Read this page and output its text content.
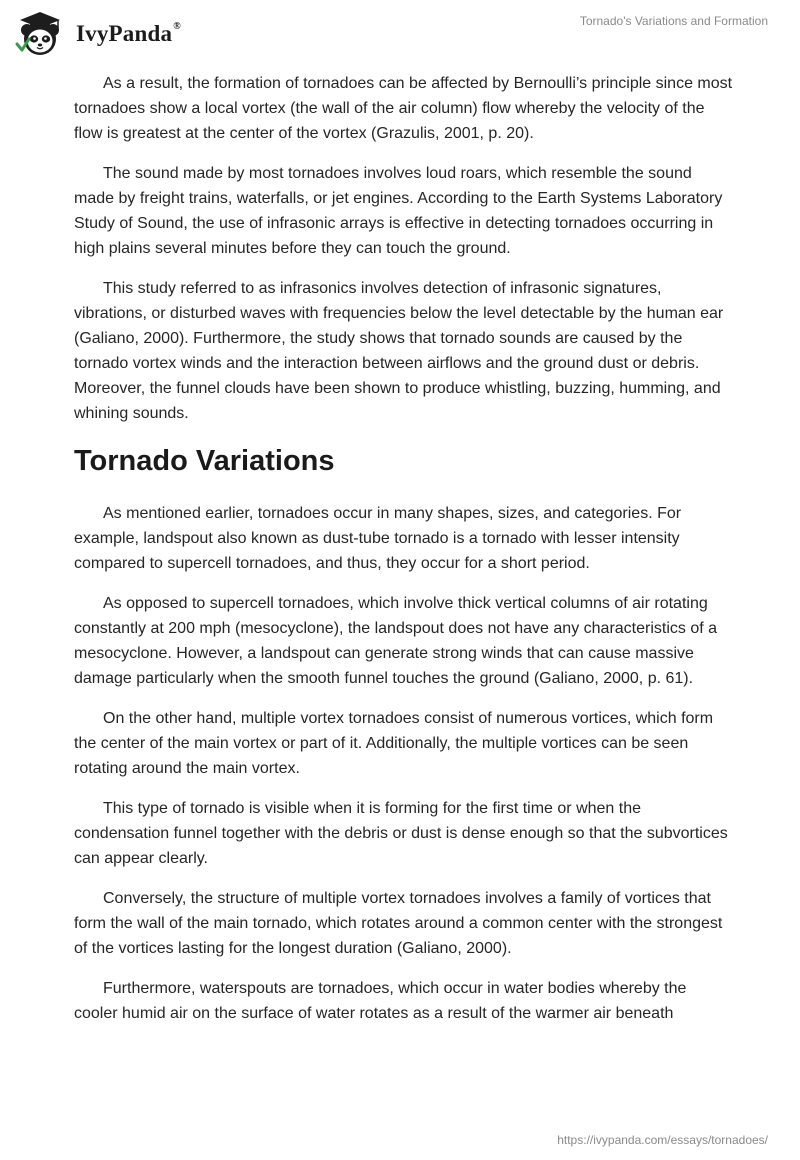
IvyPanda®	Tornado's Variations and Formation

As a result, the formation of tornadoes can be affected by Bernoulli’s principle since most tornadoes show a local vortex (the wall of the air column) flow whereby the velocity of the flow is greatest at the center of the vortex (Grazulis, 2001, p. 20).

The sound made by most tornadoes involves loud roars, which resemble the sound made by freight trains, waterfalls, or jet engines. According to the Earth Systems Laboratory Study of Sound, the use of infrasonic arrays is effective in detecting tornadoes occurring in high plains several minutes before they can touch the ground.

This study referred to as infrasonics involves detection of infrasonic signatures, vibrations, or disturbed waves with frequencies below the level detectable by the human ear (Galiano, 2000). Furthermore, the study shows that tornado sounds are caused by the tornado vortex winds and the interaction between airflows and the ground dust or debris. Moreover, the funnel clouds have been shown to produce whistling, buzzing, humming, and whining sounds.

Tornado Variations

As mentioned earlier, tornadoes occur in many shapes, sizes, and categories. For example, landspout also known as dust-tube tornado is a tornado with lesser intensity compared to supercell tornadoes, and thus, they occur for a short period.

As opposed to supercell tornadoes, which involve thick vertical columns of air rotating constantly at 200 mph (mesocyclone), the landspout does not have any characteristics of a mesocyclone. However, a landspout can generate strong winds that can cause massive damage particularly when the smooth funnel touches the ground (Galiano, 2000, p. 61).

On the other hand, multiple vortex tornadoes consist of numerous vortices, which form the center of the main vortex or part of it. Additionally, the multiple vortices can be seen rotating around the main vortex.

This type of tornado is visible when it is forming for the first time or when the condensation funnel together with the debris or dust is dense enough so that the subvortices can appear clearly.

Conversely, the structure of multiple vortex tornadoes involves a family of vortices that form the wall of the main tornado, which rotates around a common center with the strongest of the vortices lasting for the longest duration (Galiano, 2000).

Furthermore, waterspouts are tornadoes, which occur in water bodies whereby the cooler humid air on the surface of water rotates as a result of the warmer air beneath

https://ivypanda.com/essays/tornadoes/
